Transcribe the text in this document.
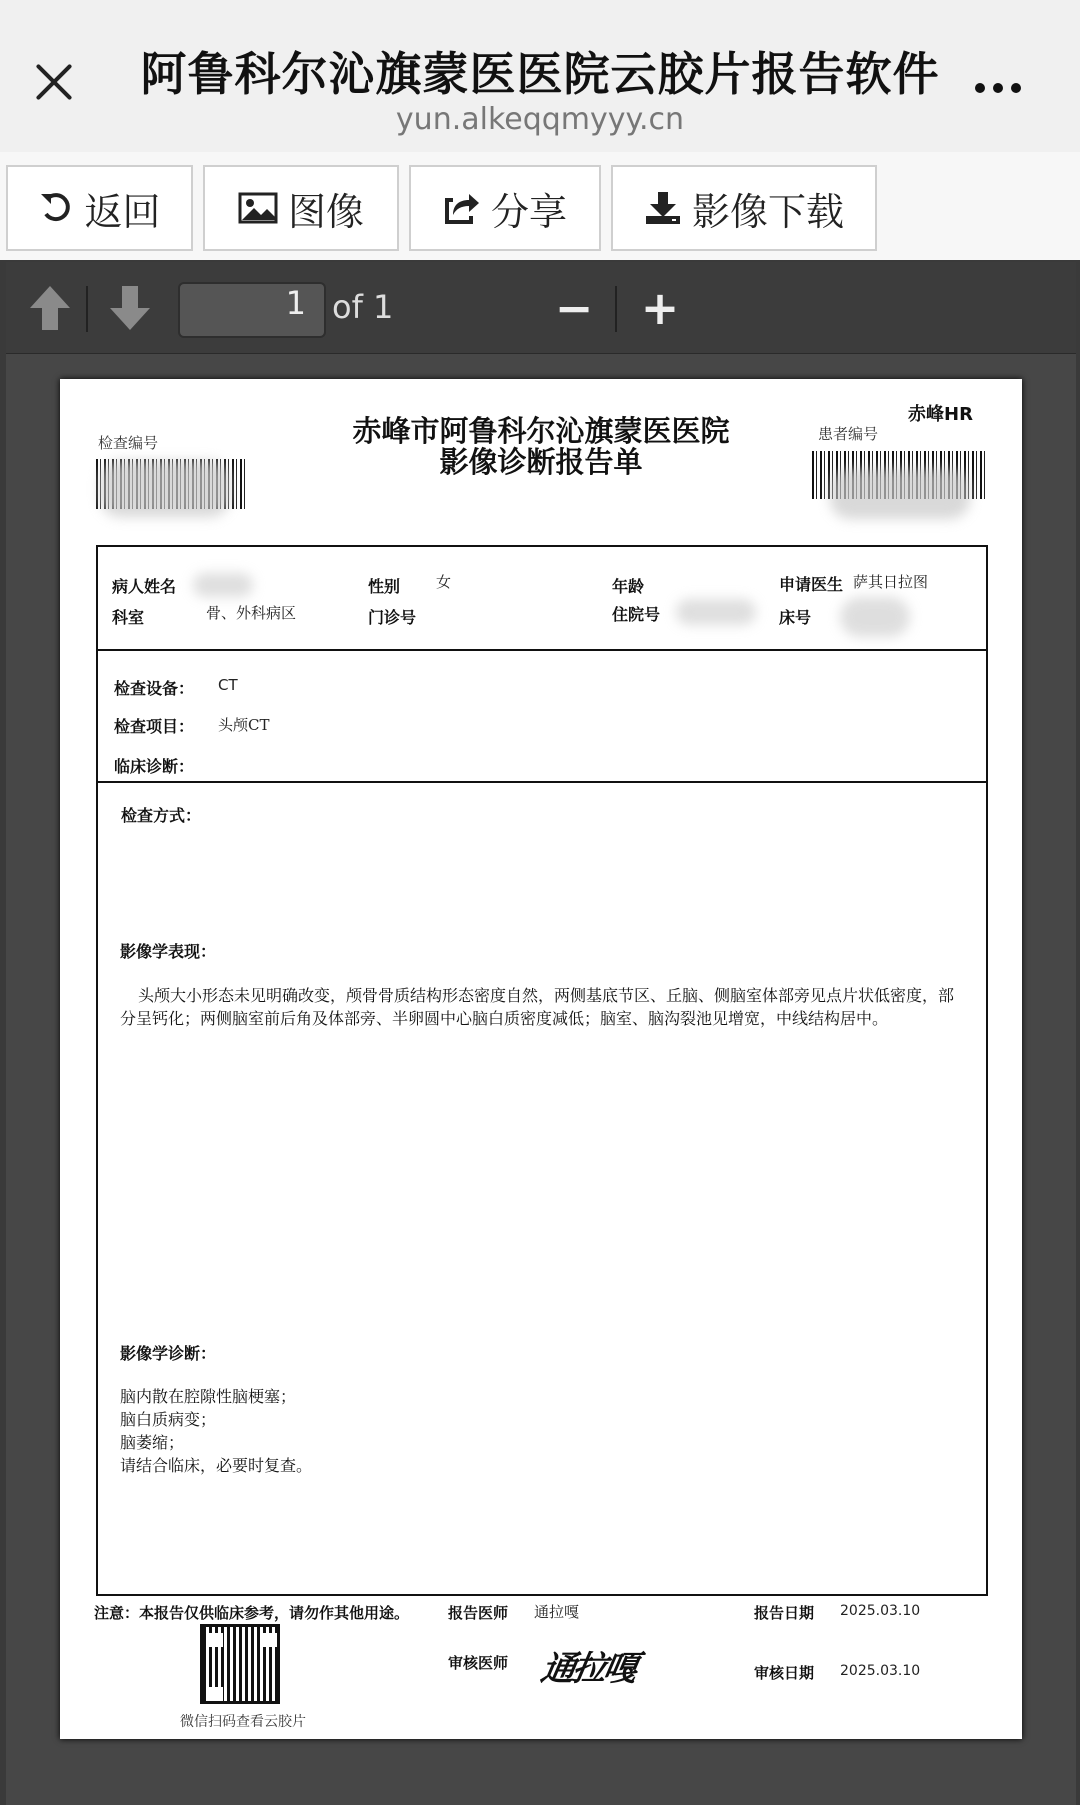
阿鲁科尔沁旗蒙医医院云胶片报告软件
yun.alkeqqmyyy.cn
返回	图像	分享	影像下载
1 of 1	− +
赤峰市阿鲁科尔沁旗蒙医医院
影像诊断报告单
赤峰HR
检查编号	患者编号
病人姓名	性别 女	年龄	申请医生 萨其日拉图
科室	骨、外科病区	门诊号	住院号	床号
检查设备： CT
检查项目： 头颅CT
临床诊断：
检查方式：
影像学表现：
头颅大小形态未见明确改变，颅骨骨质结构形态密度自然，两侧基底节区、丘脑、侧脑室体部旁见点片状低密度，部分呈钙化；两侧脑室前后角及体部旁、半卵圆中心脑白质密度减低；脑室、脑沟裂池见增宽，中线结构居中。
影像学诊断：
脑内散在腔隙性脑梗塞；
脑白质病变；
脑萎缩；
请结合临床，必要时复查。
注意：本报告仅供临床参考，请勿作其他用途。	报告医师 通拉嘎	报告日期 2025.03.10
微信扫码查看云胶片
审核医师 通拉嘎	审核日期 2025.03.10
